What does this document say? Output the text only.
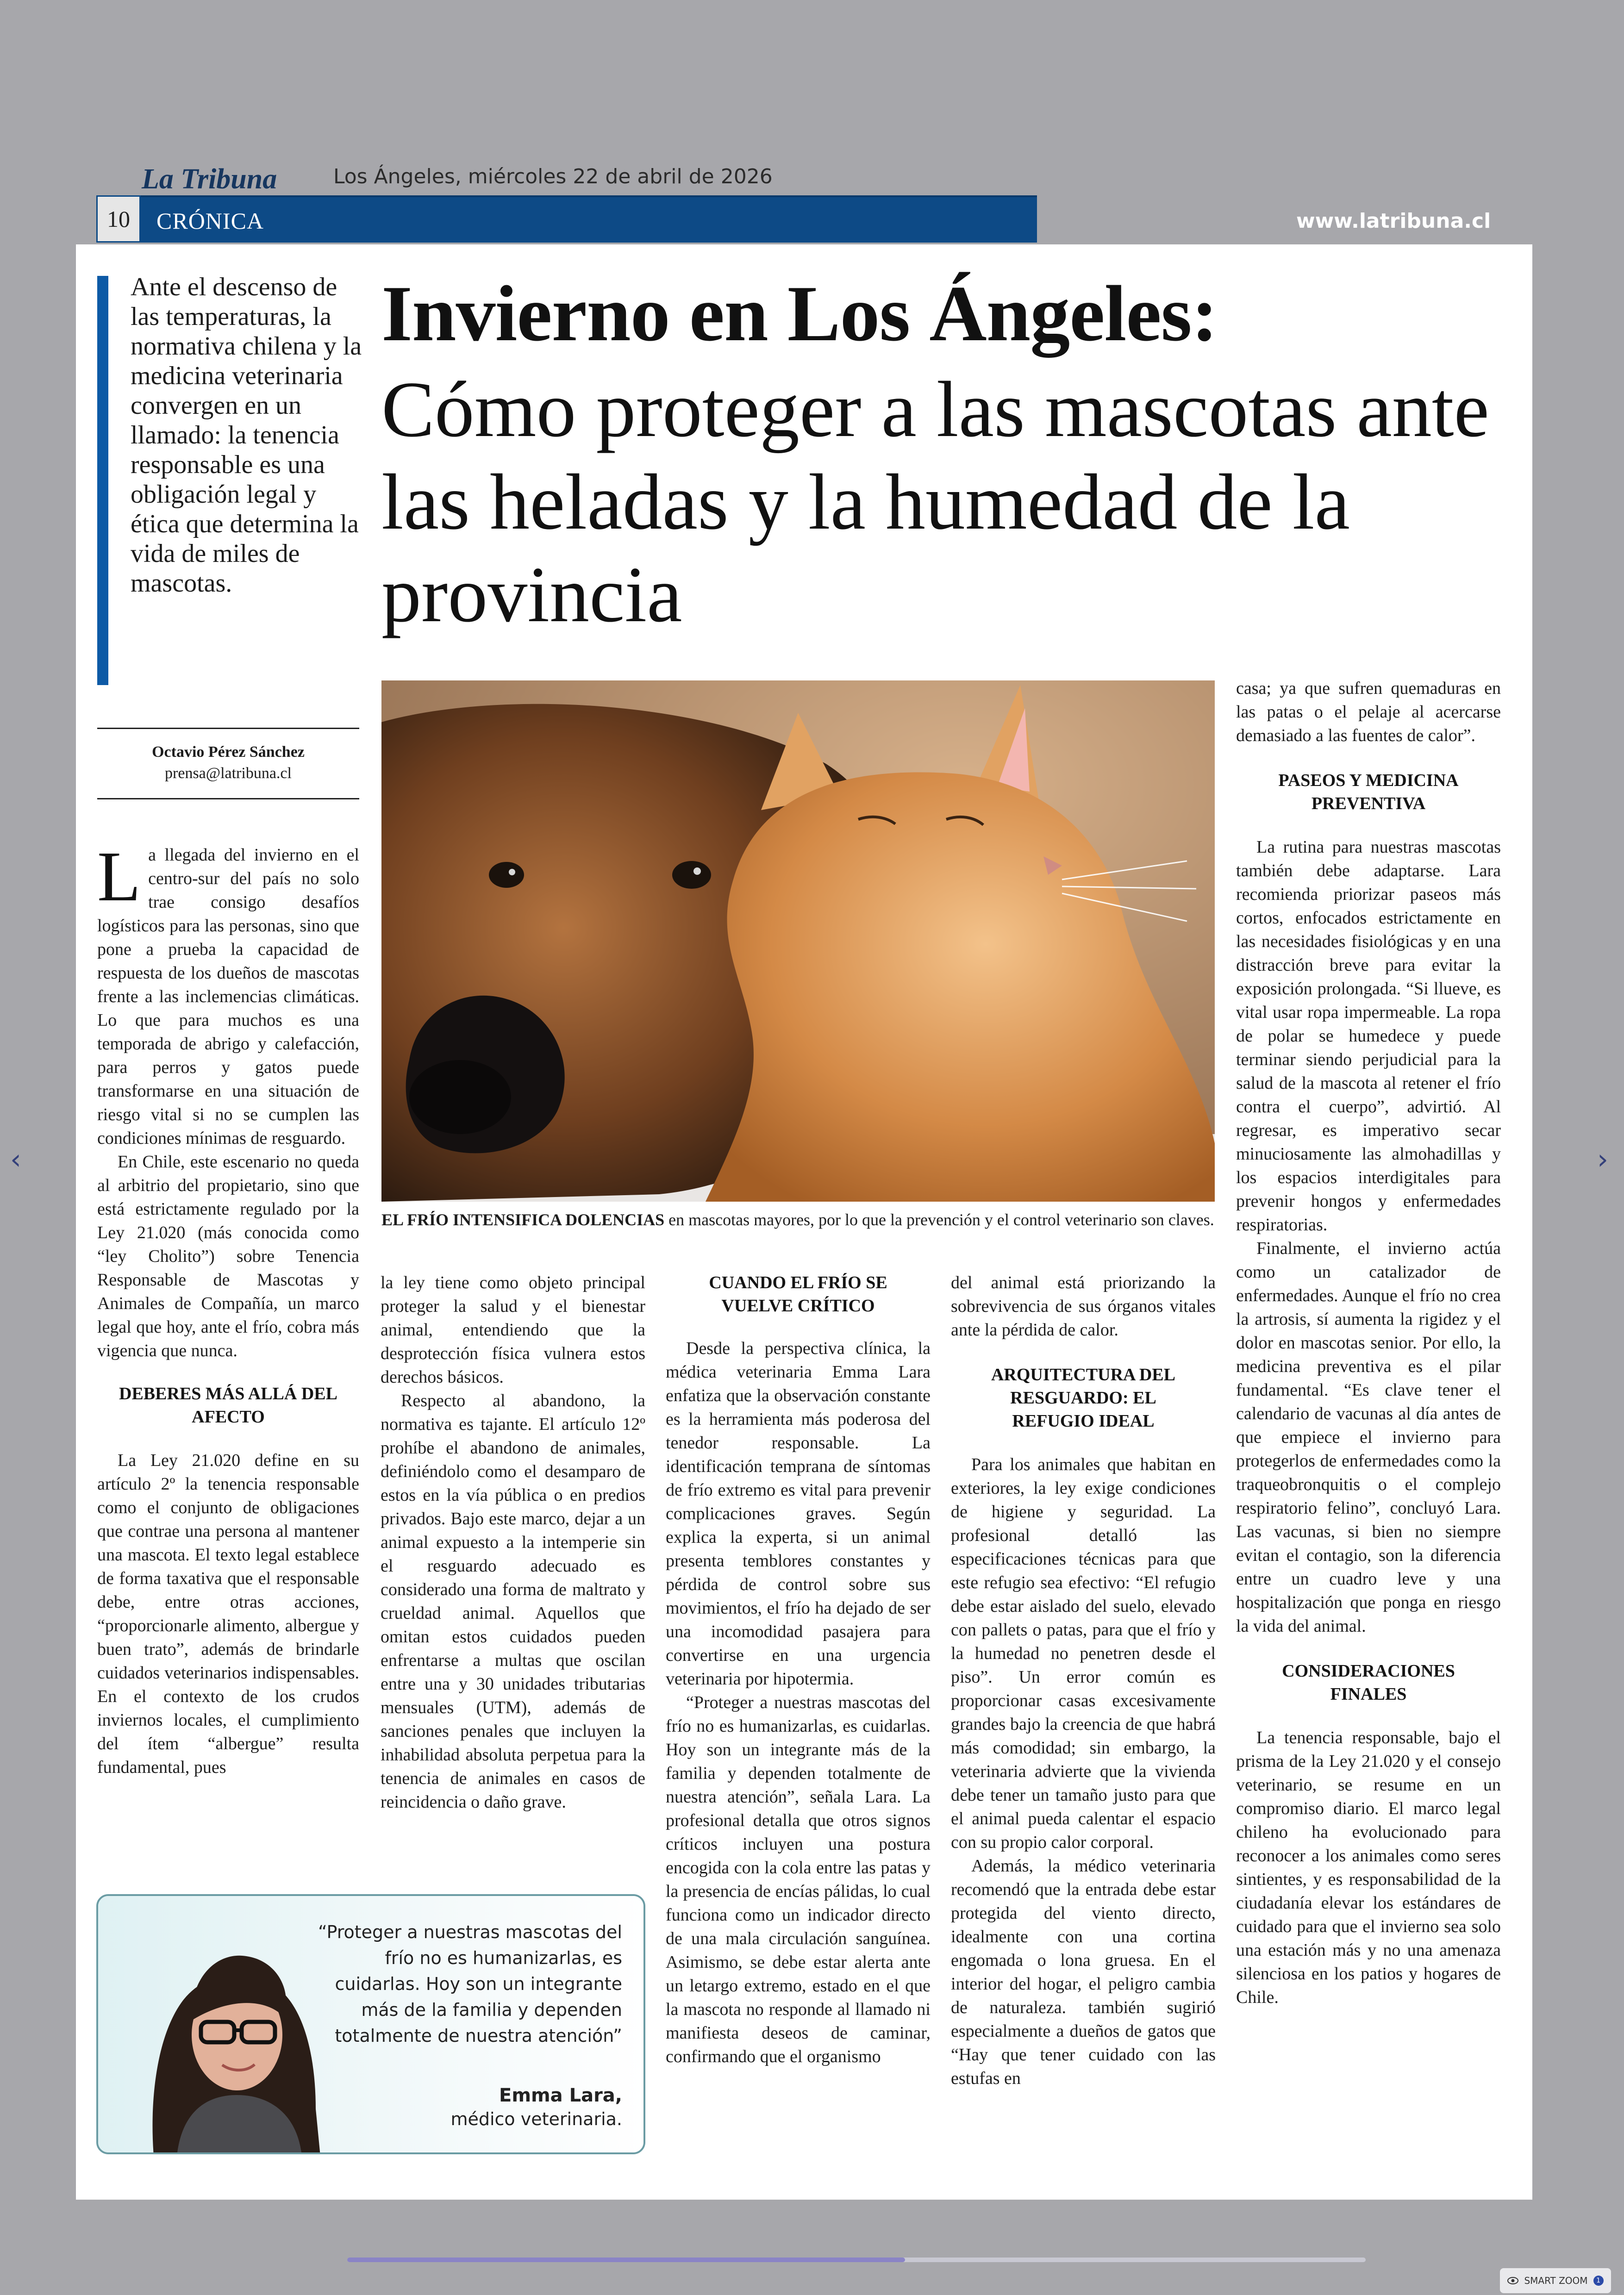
La Tribuna	Los Ángeles, miércoles 22 de abril de 2026
10	CRÓNICA	www.latribuna.cl
Ante el descenso de las temperaturas, la normativa chilena y la medicina veterinaria convergen en un llamado: la tenencia responsable es una obligación legal y ética que determina la vida de miles de mascotas.
Invierno en Los Ángeles:
Cómo proteger a las mascotas ante las heladas y la humedad de la provincia
Octavio Pérez Sánchez
prensa@latribuna.cl
EL FRÍO INTENSIFICA DOLENCIAS en mascotas mayores, por lo que la prevención y el control veterinario son claves.

La llegada del invierno en el centro-sur del país no solo trae consigo desafíos logísticos para las personas, sino que pone a prueba la capacidad de respuesta de los dueños de mascotas frente a las inclemencias climáticas. Lo que para muchos es una temporada de abrigo y calefacción, para perros y gatos puede transformarse en una situación de riesgo vital si no se cumplen las condiciones mínimas de resguardo.

En Chile, este escenario no queda al arbitrio del propietario, sino que está estrictamente regulado por la Ley 21.020 (más conocida como “ley Cholito”) sobre Tenencia Responsable de Mascotas y Animales de Compañía, un marco legal que hoy, ante el frío, cobra más vigencia que nunca.

DEBERES MÁS ALLÁ DEL AFECTO

La Ley 21.020 define en su artículo 2º la tenencia responsable como el conjunto de obligaciones que contrae una persona al mantener una mascota. El texto legal establece de forma taxativa que el responsable debe, entre otras acciones, “proporcionarle alimento, albergue y buen trato”, además de brindarle cuidados veterinarios indispensables. En el contexto de los crudos inviernos locales, el cumplimiento del ítem “albergue” resulta fundamental, pues

la ley tiene como objeto principal proteger la salud y el bienestar animal, entendiendo que la desprotección física vulnera estos derechos básicos.

Respecto al abandono, la normativa es tajante. El artículo 12º prohíbe el abandono de animales, definiéndolo como el desamparo de estos en la vía pública o en predios privados. Bajo este marco, dejar a un animal expuesto a la intemperie sin el resguardo adecuado es considerado una forma de maltrato y crueldad animal. Aquellos que omitan estos cuidados pueden enfrentarse a multas que oscilan entre una y 30 unidades tributarias mensuales (UTM), además de sanciones penales que incluyen la inhabilidad absoluta perpetua para la tenencia de animales en casos de reincidencia o daño grave.

CUANDO EL FRÍO SE VUELVE CRÍTICO

Desde la perspectiva clínica, la médica veterinaria Emma Lara enfatiza que la observación constante es la herramienta más poderosa del tenedor responsable. La identificación temprana de síntomas de frío extremo es vital para prevenir complicaciones graves. Según explica la experta, si un animal presenta temblores constantes y pérdida de control sobre sus movimientos, el frío ha dejado de ser una incomodidad pasajera para convertirse en una urgencia veterinaria por hipotermia.

“Proteger a nuestras mascotas del frío no es humanizarlas, es cuidarlas. Hoy son un integrante más de la familia y dependen totalmente de nuestra atención”, señala Lara. La profesional detalla que otros signos críticos incluyen una postura encogida con la cola entre las patas y la presencia de encías pálidas, lo cual funciona como un indicador directo de una mala circulación sanguínea. Asimismo, se debe estar alerta ante un letargo extremo, estado en el que la mascota no responde al llamado ni manifiesta deseos de caminar, confirmando que el organismo

del animal está priorizando la sobrevivencia de sus órganos vitales ante la pérdida de calor.

ARQUITECTURA DEL RESGUARDO: EL REFUGIO IDEAL

Para los animales que habitan en exteriores, la ley exige condiciones de higiene y seguridad. La profesional detalló las especificaciones técnicas para que este refugio sea efectivo: “El refugio debe estar aislado del suelo, elevado con pallets o patas, para que el frío y la humedad no penetren desde el piso”. Un error común es proporcionar casas excesivamente grandes bajo la creencia de que habrá más comodidad; sin embargo, la veterinaria advierte que la vivienda debe tener un tamaño justo para que el animal pueda calentar el espacio con su propio calor corporal.

Además, la médico veterinaria recomendó que la entrada debe estar protegida del viento directo, idealmente con una cortina engomada o lona gruesa. En el interior del hogar, el peligro cambia de naturaleza. también sugirió especialmente a dueños de gatos que “Hay que tener cuidado con las estufas en

casa; ya que sufren quemaduras en las patas o el pelaje al acercarse demasiado a las fuentes de calor”.

PASEOS Y MEDICINA PREVENTIVA

La rutina para nuestras mascotas también debe adaptarse. Lara recomienda priorizar paseos más cortos, enfocados estrictamente en las necesidades fisiológicas y en una distracción breve para evitar la exposición prolongada. “Si llueve, es vital usar ropa impermeable. La ropa de polar se humedece y puede terminar siendo perjudicial para la salud de la mascota al retener el frío contra el cuerpo”, advirtió. Al regresar, es imperativo secar minuciosamente las almohadillas y los espacios interdigitales para prevenir hongos y enfermedades respiratorias.

Finalmente, el invierno actúa como un catalizador de enfermedades. Aunque el frío no crea la artrosis, sí aumenta la rigidez y el dolor en mascotas senior. Por ello, la medicina preventiva es el pilar fundamental. “Es clave tener el calendario de vacunas al día antes de que empiece el invierno para protegerlos de enfermedades como la traqueobronquitis o el complejo respiratorio felino”, concluyó Lara. Las vacunas, si bien no siempre evitan el contagio, son la diferencia entre un cuadro leve y una hospitalización que ponga en riesgo la vida del animal.

CONSIDERACIONES FINALES

La tenencia responsable, bajo el prisma de la Ley 21.020 y el consejo veterinario, se resume en un compromiso diario. El marco legal chileno ha evolucionado para reconocer a los animales como seres sintientes, y es responsabilidad de la ciudadanía elevar los estándares de cuidado para que el invierno sea solo una estación más y no una amenaza silenciosa en los patios y hogares de Chile.

“Proteger a nuestras mascotas del frío no es humanizarlas, es cuidarlas. Hoy son un integrante más de la familia y dependen totalmente de nuestra atención”
Emma Lara,
médico veterinaria.
‹	›
SMART ZOOM	1
